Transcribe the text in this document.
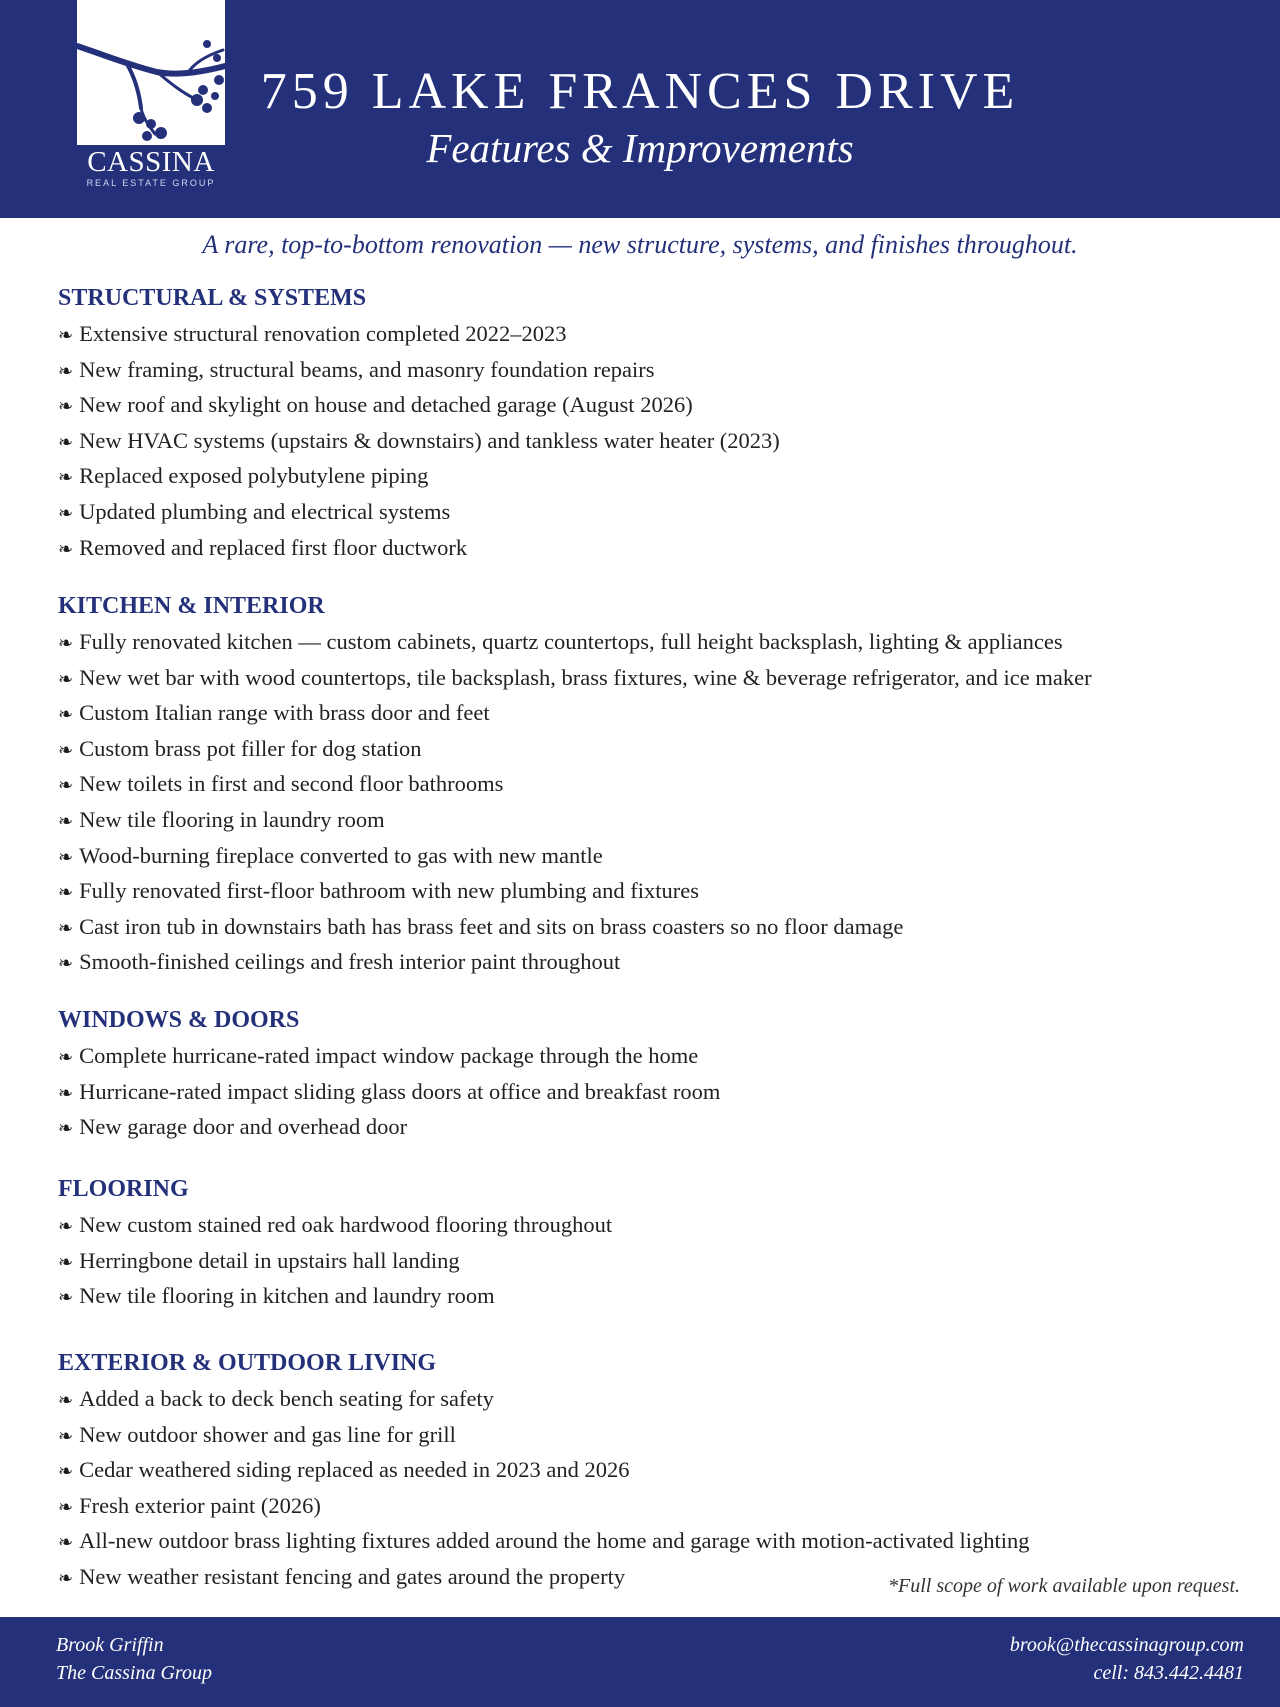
CASSINA
REAL ESTATE GROUP
759 LAKE FRANCES DRIVE
Features & Improvements
A rare, top-to-bottom renovation — new structure, systems, and finishes throughout.
STRUCTURAL & SYSTEMS
❧ Extensive structural renovation completed 2022–2023
❧ New framing, structural beams, and masonry foundation repairs
❧ New roof and skylight on house and detached garage (August 2026)
❧ New HVAC systems (upstairs & downstairs) and tankless water heater (2023)
❧ Replaced exposed polybutylene piping
❧ Updated plumbing and electrical systems
❧ Removed and replaced first floor ductwork
KITCHEN & INTERIOR
❧ Fully renovated kitchen — custom cabinets, quartz countertops, full height backsplash, lighting & appliances
❧ New wet bar with wood countertops, tile backsplash, brass fixtures, wine & beverage refrigerator, and ice maker
❧ Custom Italian range with brass door and feet
❧ Custom brass pot filler for dog station
❧ New toilets in first and second floor bathrooms
❧ New tile flooring in laundry room
❧ Wood-burning fireplace converted to gas with new mantle
❧ Fully renovated first-floor bathroom with new plumbing and fixtures
❧ Cast iron tub in downstairs bath has brass feet and sits on brass coasters so no floor damage
❧ Smooth-finished ceilings and fresh interior paint throughout
WINDOWS & DOORS
❧ Complete hurricane-rated impact window package through the home
❧ Hurricane-rated impact sliding glass doors at office and breakfast room
❧ New garage door and overhead door
FLOORING
❧ New custom stained red oak hardwood flooring throughout
❧ Herringbone detail in upstairs hall landing
❧ New tile flooring in kitchen and laundry room
EXTERIOR & OUTDOOR LIVING
❧ Added a back to deck bench seating for safety
❧ New outdoor shower and gas line for grill
❧ Cedar weathered siding replaced as needed in 2023 and 2026
❧ Fresh exterior paint (2026)
❧ All-new outdoor brass lighting fixtures added around the home and garage with motion-activated lighting
❧ New weather resistant fencing and gates around the property	*Full scope of work available upon request.
Brook Griffin
The Cassina Group
brook@thecassinagroup.com
cell: 843.442.4481
